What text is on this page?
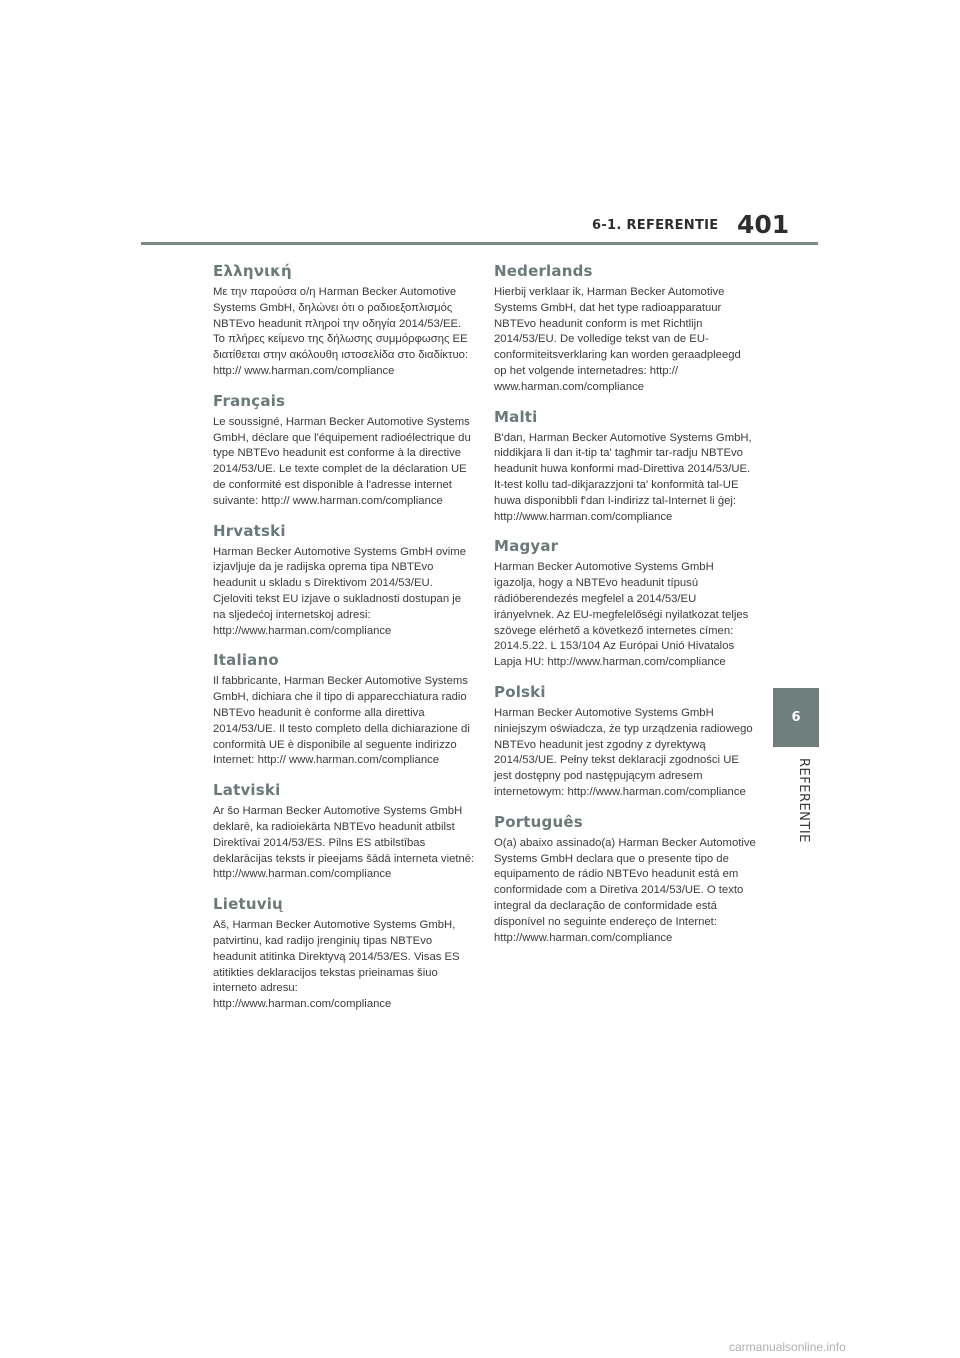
6-1. REFERENTIE 401
6
REFERENTIE
Ελληνική

Με την παρούσα ο/η Harman Becker Automotive Systems GmbH, δηλώνει ότι ο ραδιοεξοπλισμός NBTEvo headunit πληροί την οδηγία 2014/53/ΕΕ. Το πλήρες κείμενο της δήλωσης συμμόρφωσης ΕΕ διατίθεται στην ακόλουθη ιστοσελίδα στο διαδίκτυο: http:// www.harman.com/compliance

Français

Le soussigné, Harman Becker Automotive Systems GmbH, déclare que l'équipement radioélectrique du type NBTEvo headunit est conforme à la directive 2014/53/UE. Le texte complet de la déclaration UE de conformité est disponible à l'adresse internet suivante: http:// www.harman.com/compliance

Hrvatski

Harman Becker Automotive Systems GmbH ovime izjavljuje da je radijska oprema tipa NBTEvo headunit u skladu s Direktivom 2014/53/EU. Cjeloviti tekst EU izjave o sukladnosti dostupan je na sljedećoj internetskoj adresi: http://www.harman.com/compliance

Italiano

Il fabbricante, Harman Becker Automotive Systems GmbH, dichiara che il tipo di apparecchiatura radio NBTEvo headunit è conforme alla direttiva 2014/53/UE. Il testo completo della dichiarazione di conformità UE è disponibile al seguente indirizzo Internet: http:// www.harman.com/compliance

Latviski

Ar šo Harman Becker Automotive Systems GmbH deklarē, ka radioiekārta NBTEvo headunit atbilst Direktīvai 2014/53/ES. Pilns ES atbilstības deklarācijas teksts ir pieejams šādā interneta vietnē: http://www.harman.com/compliance

Lietuvių

Aš, Harman Becker Automotive Systems GmbH, patvirtinu, kad radijo įrenginių tipas NBTEvo headunit atitinka Direktyvą 2014/53/ES. Visas ES atitikties deklaracijos tekstas prieinamas šiuo interneto adresu: http://www.harman.com/compliance

Nederlands

Hierbij verklaar ik, Harman Becker Automotive Systems GmbH, dat het type radioapparatuur NBTEvo headunit conform is met Richtlijn 2014/53/EU. De volledige tekst van de EU-conformiteitsverklaring kan worden geraadpleegd op het volgende internetadres: http:// www.harman.com/compliance

Malti

B'dan, Harman Becker Automotive Systems GmbH, niddikjara li dan it-tip ta' tagħmir tar-radju NBTEvo headunit huwa konformi mad-Direttiva 2014/53/UE. It-test kollu tad-dikjarazzjoni ta' konformità tal-UE huwa disponibbli f'dan l-indirizz tal-Internet li ġej: http://www.harman.com/compliance

Magyar

Harman Becker Automotive Systems GmbH igazolja, hogy a NBTEvo headunit típusú rádióberendezés megfelel a 2014/53/EU irányelvnek. Az EU-megfelelőségi nyilatkozat teljes szövege elérhető a következő internetes címen: 2014.5.22. L 153/104 Az Európai Unió Hivatalos Lapja HU: http://www.harman.com/compliance

Polski

Harman Becker Automotive Systems GmbH niniejszym oświadcza, że typ urządzenia radiowego NBTEvo headunit jest zgodny z dyrektywą 2014/53/UE. Pełny tekst deklaracji zgodności UE jest dostępny pod następującym adresem internetowym: http://www.harman.com/compliance

Português

O(a) abaixo assinado(a) Harman Becker Automotive Systems GmbH declara que o presente tipo de equipamento de rádio NBTEvo headunit está em conformidade com a Diretiva 2014/53/UE. O texto integral da declaração de conformidade está disponível no seguinte endereço de Internet: http://www.harman.com/compliance

carmanualsonline.info
